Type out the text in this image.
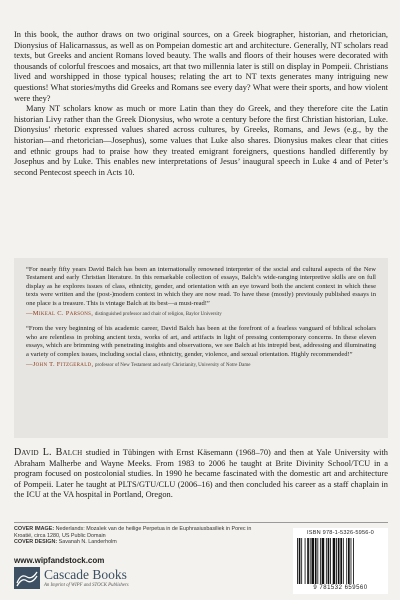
In this book, the author draws on two original sources, on a Greek biographer, historian, and rhetorician, Dionysius of Halicarnassus, as well as on Pompeian domestic art and architecture. Generally, NT scholars read texts, but Greeks and ancient Romans loved beauty. The walls and floors of their houses were decorated with thousands of colorful frescoes and mosaics, art that two millennia later is still on display in Pompeii. Christians lived and worshipped in those typical houses; relating the art to NT texts generates many intriguing new questions! What stories/myths did Greeks and Romans see every day? What were their sports, and how violent were they?

Many NT scholars know as much or more Latin than they do Greek, and they therefore cite the Latin historian Livy rather than the Greek Dionysius, who wrote a century before the first Christian historian, Luke. Dionysius’ rhetoric expressed values shared across cultures, by Greeks, Romans, and Jews (e.g., by the historian—and rhetorician—Josephus), some values that Luke also shares. Dionysius makes clear that cities and ethnic groups had to praise how they treated emigrant foreigners, questions handled differently by Josephus and by Luke. This enables new interpretations of Jesus’ inaugural speech in Luke 4 and of Peter’s second Pentecost speech in Acts 10.

“For nearly fifty years David Balch has been an internationally renowned interpreter of the social and cultural aspects of the New Testament and early Christian literature. In this remarkable collection of essays, Balch’s wide-ranging interpretive skills are on full display as he explores issues of class, ethnicity, gender, and orientation with an eye toward both the ancient context in which these texts were written and the (post-)modern context in which they are now read. To have these (mostly) previously published essays in one place is a treasure. This is vintage Balch at its best—a must-read!”

—Mikeal C. Parsons, distinguished professor and chair of religion, Baylor University

“From the very beginning of his academic career, David Balch has been at the forefront of a fearless vanguard of biblical scholars who are relentless in probing ancient texts, works of art, and artifacts in light of pressing contemporary concerns. In these eleven essays, which are brimming with penetrating insights and observations, we see Balch at his intrepid best, addressing and illuminating a variety of complex issues, including social class, ethnicity, gender, violence, and sexual orientation. Highly recommended!”

—John T. Fitzgerald, professor of New Testament and early Christianity, University of Notre Dame

David L. Balch studied in Tübingen with Ernst Käsemann (1968–70) and then at Yale University with Abraham Malherbe and Wayne Meeks. From 1983 to 2006 he taught at Brite Divinity School/TCU in a program focused on postcolonial studies. In 1990 he became fascinated with the domestic art and architecture of Pompeii. Later he taught at PLTS/GTU/CLU (2006–16) and then concluded his career as a staff chaplain in the ICU at the VA hospital in Portland, Oregon.

COVER IMAGE: Nederlands: Mozaïek van de heilige Perpetua in de Euphrasiusbasiliek in Porec in Kroatië, circa 1280, US Public Domain
COVER DESIGN: Savanah N. Landerholm
www.wipfandstock.com
Cascade Books
An Imprint of WIPF and STOCK Publishers
ISBN 978-1-5326-5956-0
9 781532 659560
